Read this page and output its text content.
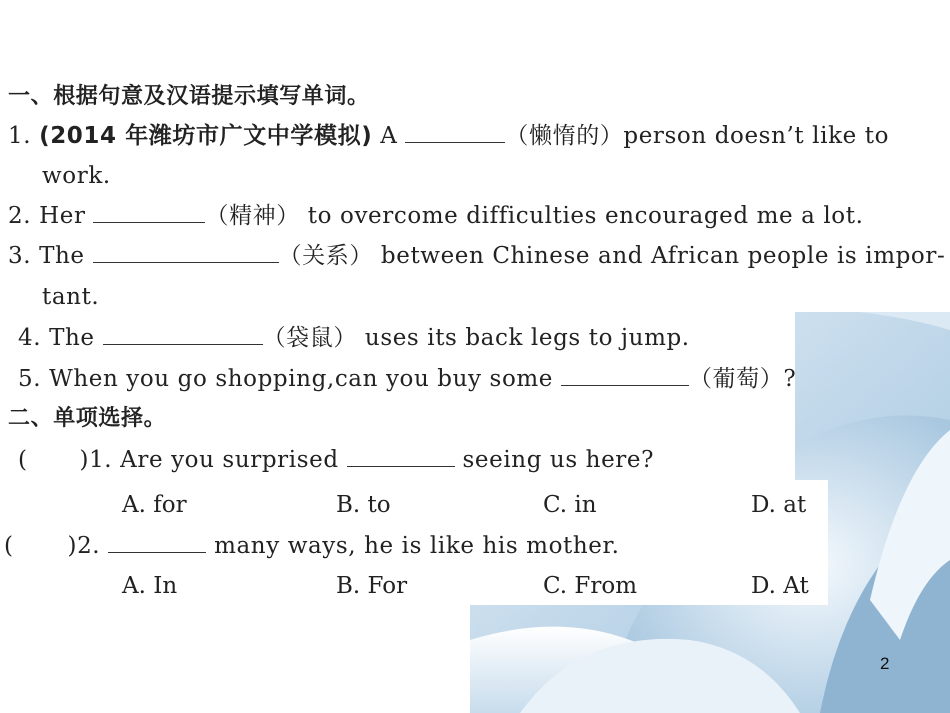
一、根据句意及汉语提示填写单词。
1. (2014 年潍坊市广文中学模拟) A	（懒惰的）person doesn’t like to
work.
2. Her	（精神） to overcome difficulties encouraged me a lot.
3. The	（关系） between Chinese and African people is impor-
tant.
4. The	（袋鼠） uses its back legs to jump.
5. When you go shopping,can you buy some	（葡萄）?
二、单项选择。
( )1. Are you surprised	seeing us here?
A. for	B. to	C. in	D. at
( )2.	many ways, he is like his mother.
A. In	B. For	C. From	D. At
2
